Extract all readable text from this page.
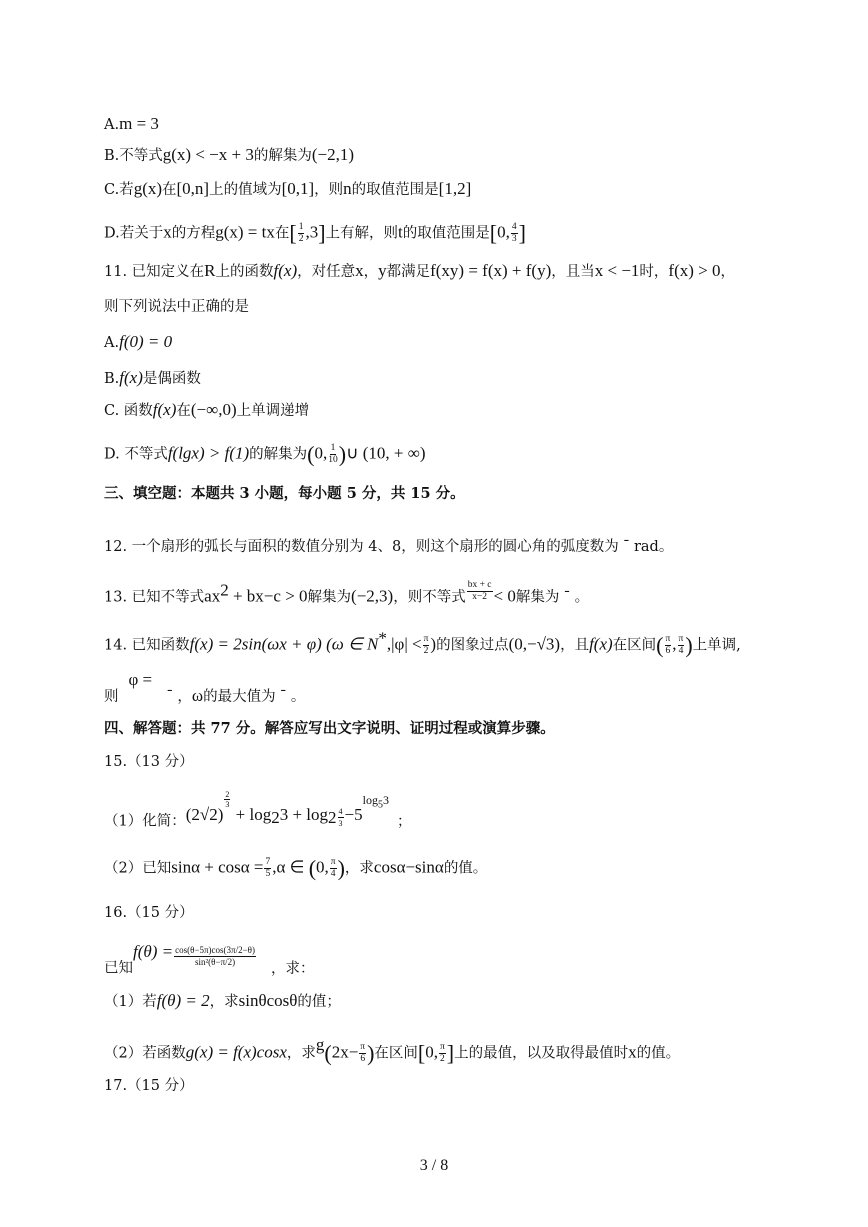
A.m = 3
B.不等式g(x) < −x + 3的解集为(−2,1)
C.若g(x)在[0,n]上的值域为[0,1]，则n的取值范围是[1,2]
D.若关于x的方程g(x) = tx在[ $\frac{1}{2} ,3$]上有解，则t的取值范围是[0, $\frac{4}{3}$ ]
11. 已知定义在R上的函数f(x)，对任意x，y都满足f(xy) = f(x) + f(y)，且当x < −1时，f(x) > 0，
则下列说法中正确的是
A.f(0) = 0
B.f(x)是偶函数
C. 函数f(x)在(−∞,0)上单调递增
D. 不等式f(lgx) > f(1)的解集为(0, $\frac{1}{10}$ )∪ (10, + ∞)
三、填空题：本题共 3 小题，每小题 5 分，共 15 分。
12. 一个扇形的弧长与面积的数值分别为 4、8，则这个扇形的圆心角的弧度数为 ¯ rad。
13. 已知不等式$ax^2 + bx-c > 0$解集为(−2,3)，则不等式 $\frac{bx + c}{x-2} < 0$解集为 ¯ 。
14. 已知函数f(x) = 2sin(ωx + φ) (ω ∈ $N^*,|\varphi| < \frac{\pi}{2}$ )的图象过点(0,−√3)，且f(x)在区间( $\frac{\pi}{6}$ , $\frac{\pi}{4}$ )上单调,
则φ =¯ ，ω的最大值为 ¯ 。
四、解答题：共 77 分。解答应写出文字说明、证明过程或演算步骤。
15.（13 分）
（1）化简：(2√2)
$\frac{2}{3}$
+ $\log_23 + \log_2 \frac{4}{3} -5^{log_53}$；
（2）已知$\sin\alpha + \cos\alpha = \frac{7}{5} ,\alpha$ ∈ (0, $\frac{\pi}{4}$ )，求cosα−sinα的值。
16.（15 分）
已知$f(\theta) = \frac{\cos(\theta-5\pi)\cos(3\pi/2-\theta)}{\text{sin²(θ−π/2)}}$
，求：
（1）若f(θ) = 2，求sinθcosθ的值；
（2）若函数g(x) = f(x)cosx，求$g(2x- \frac{\pi}{6}$ )在区间[0, $\frac{\pi}{2}$ ]上的最值，以及取得最值时x的值。
17.（15 分）
3 / 8
